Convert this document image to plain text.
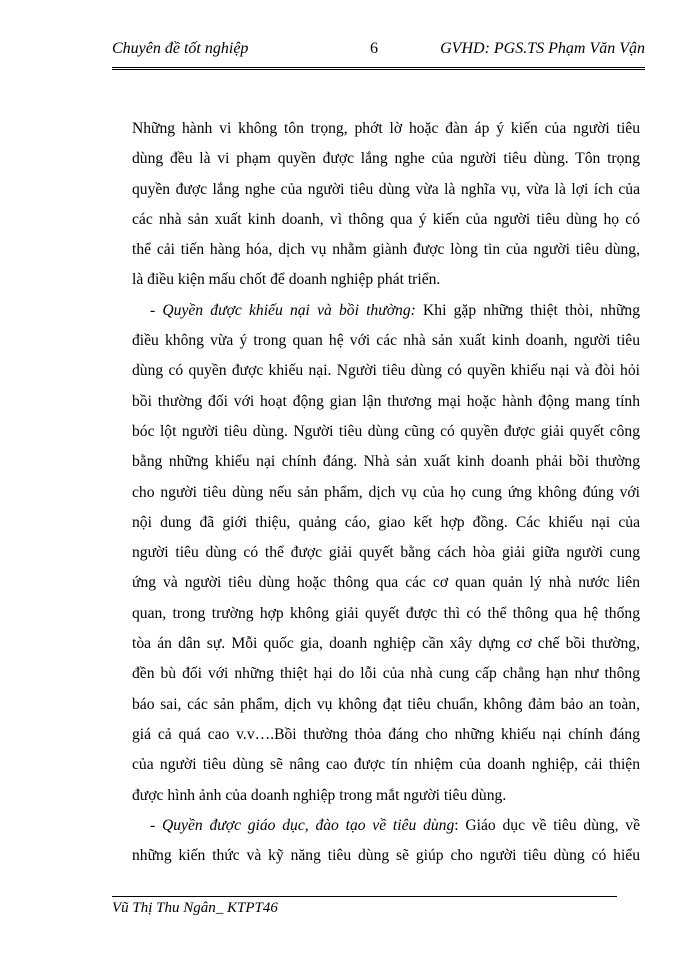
Chuyên đề tốt nghiệp	6	GVHD: PGS.TS Phạm Văn Vận
Những hành vi không tôn trọng, phớt lờ hoặc đàn áp ý kiến của người tiêu
dùng đều là vi phạm quyền được lắng nghe của người tiêu dùng. Tôn trọng
quyền được lắng nghe của người tiêu dùng vừa là nghĩa vụ, vừa là lợi ích của
các nhà sản xuất kinh doanh, vì thông qua ý kiến của người tiêu dùng họ có
thể cải tiến hàng hóa, dịch vụ nhằm giành được lòng tin của người tiêu dùng,
là điều kiện mấu chốt để doanh nghiệp phát triển.
- Quyền được khiếu nại và bồi thường: Khi gặp những thiệt thòi, những
điều không vừa ý trong quan hệ với các nhà sản xuất kinh doanh, người tiêu
dùng có quyền được khiếu nại. Người tiêu dùng có quyền khiếu nại và đòi hỏi
bồi thường đối với hoạt động gian lận thương mại hoặc hành động mang tính
bóc lột người tiêu dùng. Người tiêu dùng cũng có quyền được giải quyết công
bằng những khiếu nại chính đáng. Nhà sản xuất kinh doanh phải bồi thường
cho người tiêu dùng nếu sản phẩm, dịch vụ của họ cung ứng không đúng với
nội dung đã giới thiệu, quảng cáo, giao kết hợp đồng. Các khiếu nại của
người tiêu dùng có thể được giải quyết bằng cách hòa giải giữa người cung
ứng và người tiêu dùng hoặc thông qua các cơ quan quản lý nhà nước liên
quan, trong trường hợp không giải quyết được thì có thể thông qua hệ thống
tòa án dân sự. Mỗi quốc gia, doanh nghiệp cần xây dựng cơ chế bồi thường,
đền bù đối với những thiệt hại do lỗi của nhà cung cấp chẳng hạn như thông
báo sai, các sản phẩm, dịch vụ không đạt tiêu chuẩn, không đảm bảo an toàn,
giá cả quá cao v.v….Bồi thường thỏa đáng cho những khiếu nại chính đáng
của người tiêu dùng sẽ nâng cao được tín nhiệm của doanh nghiệp, cải thiện
được hình ảnh của doanh nghiệp trong mắt người tiêu dùng.
- Quyền được giáo dục, đào tạo về tiêu dùng: Giáo dục về tiêu dùng, về
những kiến thức và kỹ năng tiêu dùng sẽ giúp cho người tiêu dùng có hiểu
Vũ Thị Thu Ngân_ KTPT46
